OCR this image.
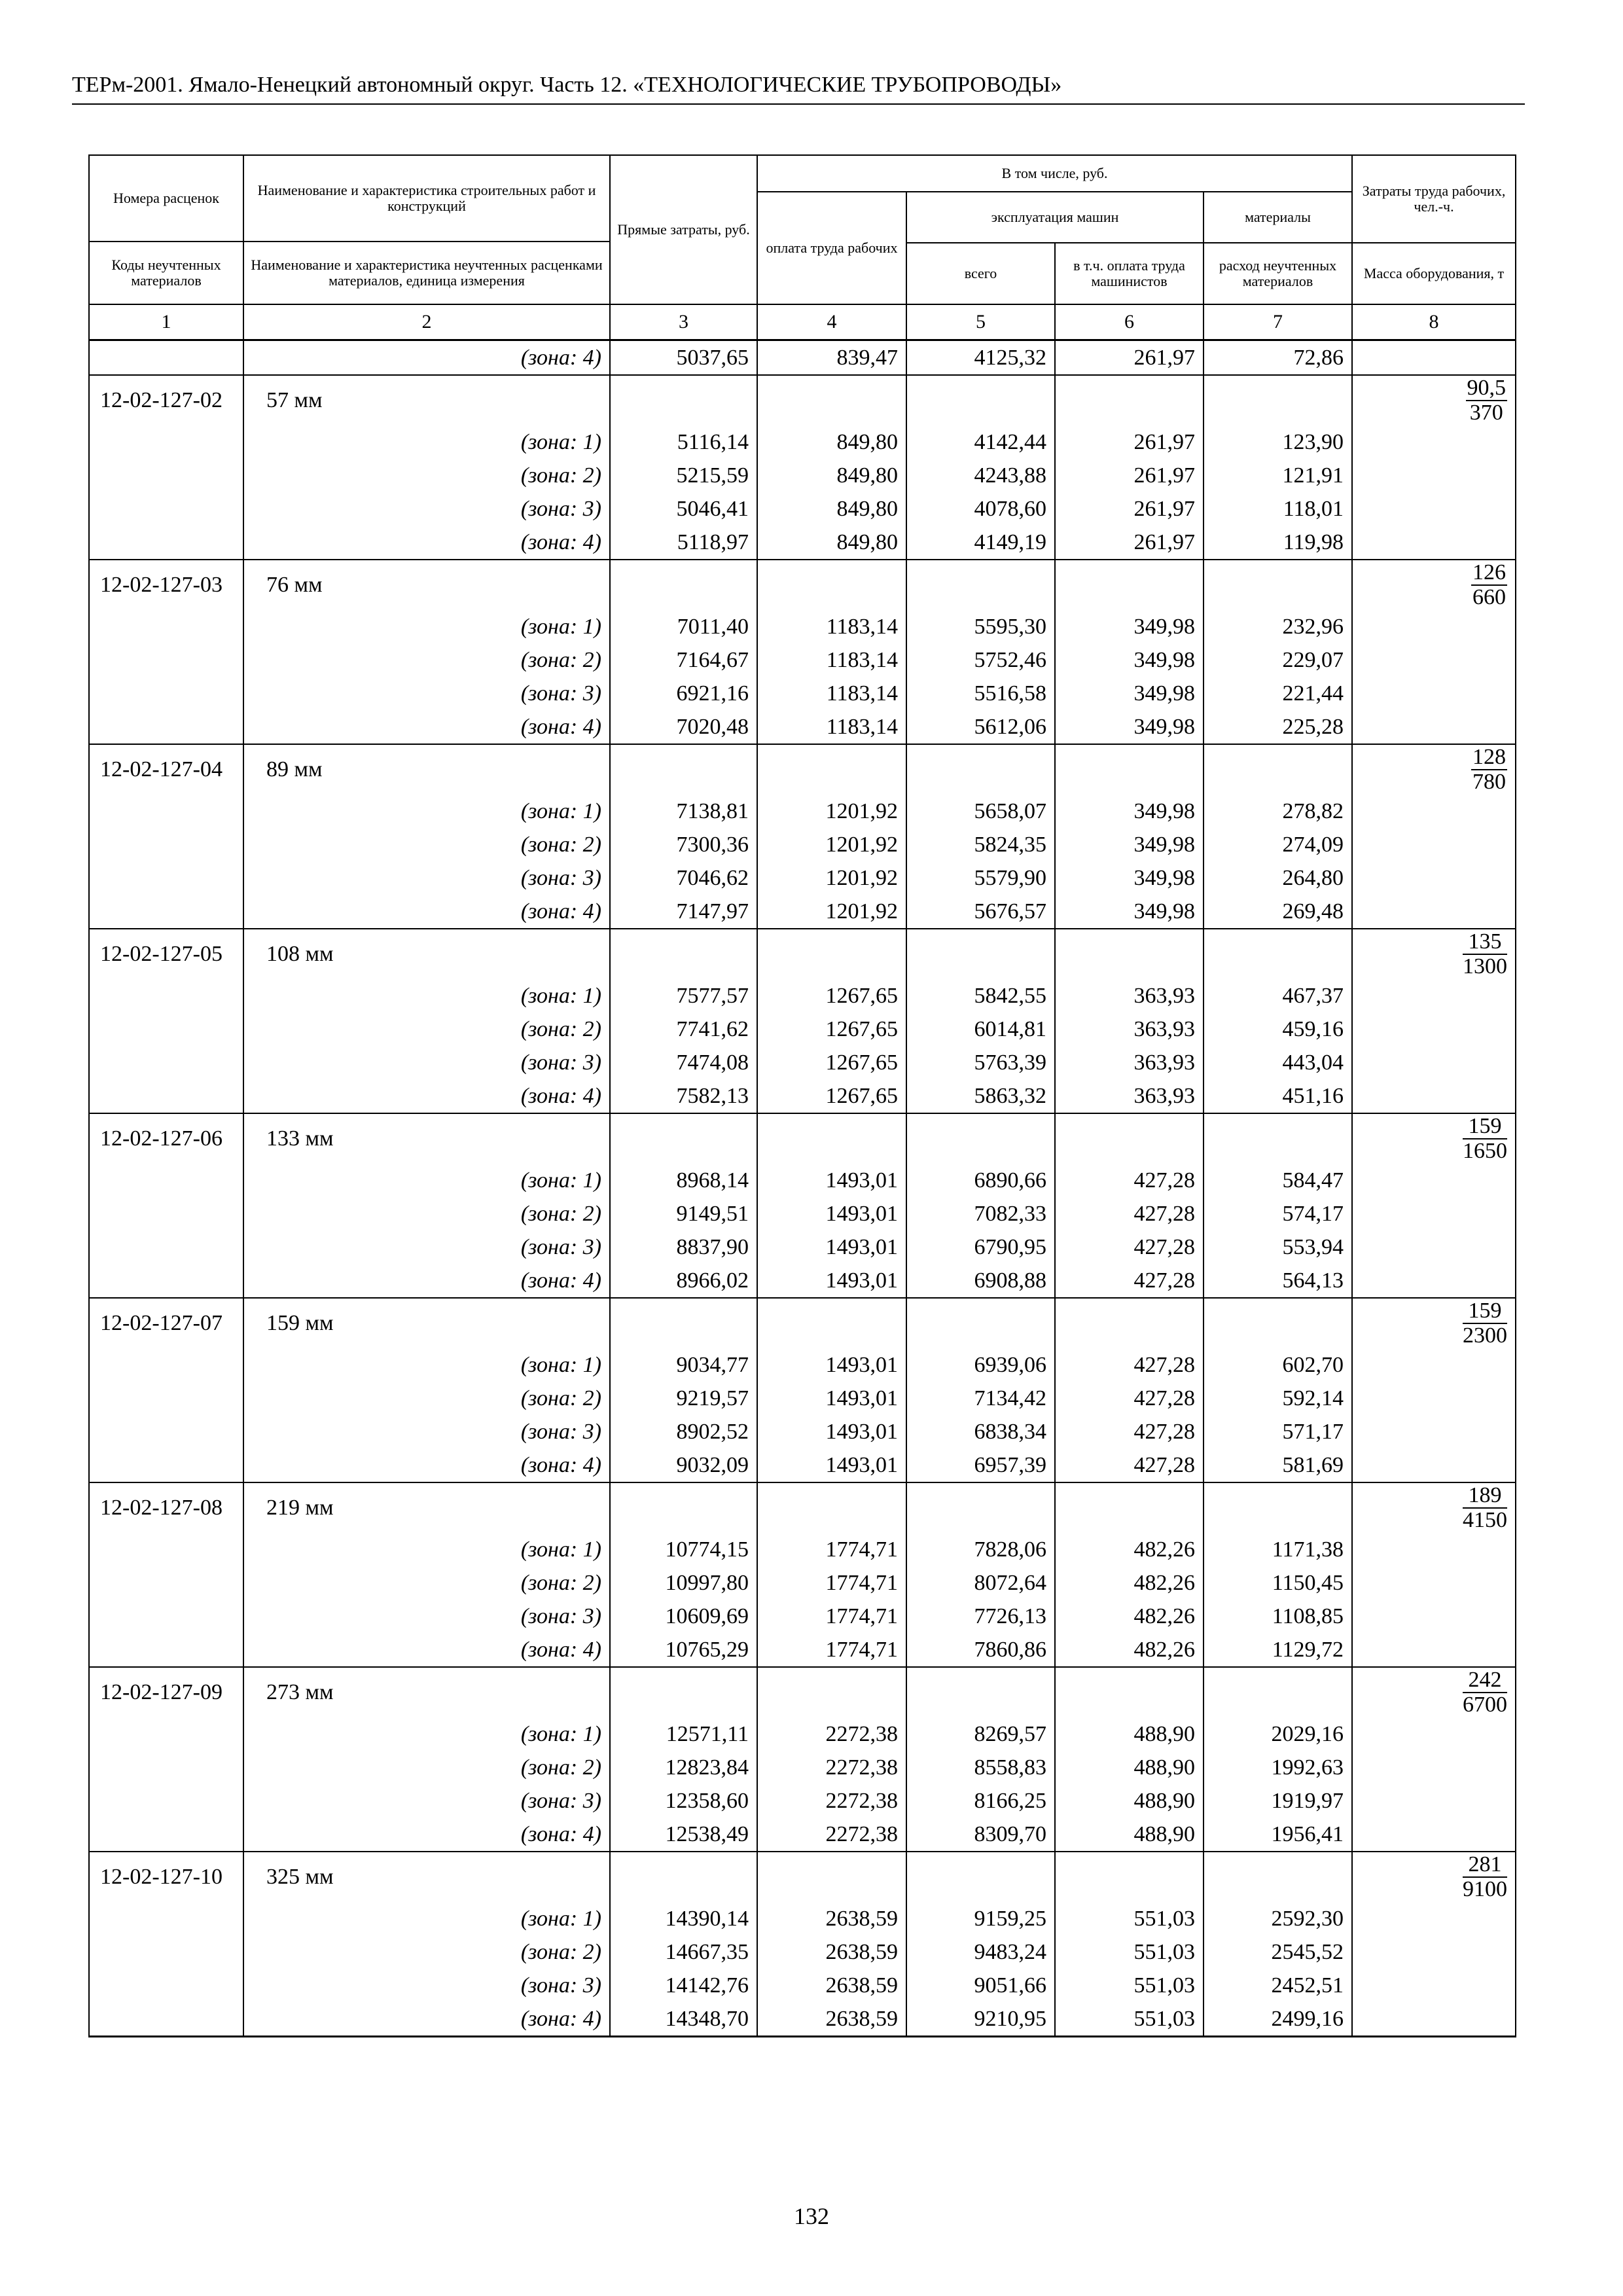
ТЕРм-2001. Ямало-Ненецкий автономный округ. Часть 12. «ТЕХНОЛОГИЧЕСКИЕ ТРУБОПРОВОДЫ»
Номера расценок	Наименование и характеристика строительных работ и конструкций	Прямые затраты, руб.	В том числе, руб.				Затраты труда рабочих, чел.-ч.
			оплата труда рабочих	эксплуатация машин		материалы	
Коды неучтенных материалов	Наименование и характеристика неучтенных расценками материалов, единица измерения						
				всего	в т.ч. оплата труда машинистов	расход неучтенных материалов	Масса оборудования, т
1	2	3	4	5	6	7	8
	(зона: 4)	5037,65	839,47	4125,32	261,97	72,86	
12-02-127-02	57 мм						$\frac{90,5}{370}$

	(зона: 1)	5116,14	849,80	4142,44	261,97	123,90	
	(зона: 2)	5215,59	849,80	4243,88	261,97	121,91	
	(зона: 3)	5046,41	849,80	4078,60	261,97	118,01	
	(зона: 4)	5118,97	849,80	4149,19	261,97	119,98	
12-02-127-03	76 мм						$\frac{126}{660}$

	(зона: 1)	7011,40	1183,14	5595,30	349,98	232,96	
	(зона: 2)	7164,67	1183,14	5752,46	349,98	229,07	
	(зона: 3)	6921,16	1183,14	5516,58	349,98	221,44	
	(зона: 4)	7020,48	1183,14	5612,06	349,98	225,28	
12-02-127-04	89 мм						$\frac{128}{780}$

	(зона: 1)	7138,81	1201,92	5658,07	349,98	278,82	
	(зона: 2)	7300,36	1201,92	5824,35	349,98	274,09	
	(зона: 3)	7046,62	1201,92	5579,90	349,98	264,80	
	(зона: 4)	7147,97	1201,92	5676,57	349,98	269,48	
12-02-127-05	108 мм						$\frac{135}{1300}$

	(зона: 1)	7577,57	1267,65	5842,55	363,93	467,37	
	(зона: 2)	7741,62	1267,65	6014,81	363,93	459,16	
	(зона: 3)	7474,08	1267,65	5763,39	363,93	443,04	
	(зона: 4)	7582,13	1267,65	5863,32	363,93	451,16	
12-02-127-06	133 мм						$\frac{159}{1650}$

	(зона: 1)	8968,14	1493,01	6890,66	427,28	584,47	
	(зона: 2)	9149,51	1493,01	7082,33	427,28	574,17	
	(зона: 3)	8837,90	1493,01	6790,95	427,28	553,94	
	(зона: 4)	8966,02	1493,01	6908,88	427,28	564,13	
12-02-127-07	159 мм						$\frac{159}{2300}$

	(зона: 1)	9034,77	1493,01	6939,06	427,28	602,70	
	(зона: 2)	9219,57	1493,01	7134,42	427,28	592,14	
	(зона: 3)	8902,52	1493,01	6838,34	427,28	571,17	
	(зона: 4)	9032,09	1493,01	6957,39	427,28	581,69	
12-02-127-08	219 мм						$\frac{189}{4150}$

	(зона: 1)	10774,15	1774,71	7828,06	482,26	1171,38	
	(зона: 2)	10997,80	1774,71	8072,64	482,26	1150,45	
	(зона: 3)	10609,69	1774,71	7726,13	482,26	1108,85	
	(зона: 4)	10765,29	1774,71	7860,86	482,26	1129,72	
12-02-127-09	273 мм						$\frac{242}{6700}$

	(зона: 1)	12571,11	2272,38	8269,57	488,90	2029,16	
	(зона: 2)	12823,84	2272,38	8558,83	488,90	1992,63	
	(зона: 3)	12358,60	2272,38	8166,25	488,90	1919,97	
	(зона: 4)	12538,49	2272,38	8309,70	488,90	1956,41	
12-02-127-10	325 мм						$\frac{281}{9100}$

	(зона: 1)	14390,14	2638,59	9159,25	551,03	2592,30	
	(зона: 2)	14667,35	2638,59	9483,24	551,03	2545,52	
	(зона: 3)	14142,76	2638,59	9051,66	551,03	2452,51	
	(зона: 4)	14348,70	2638,59	9210,95	551,03	2499,16	
132
